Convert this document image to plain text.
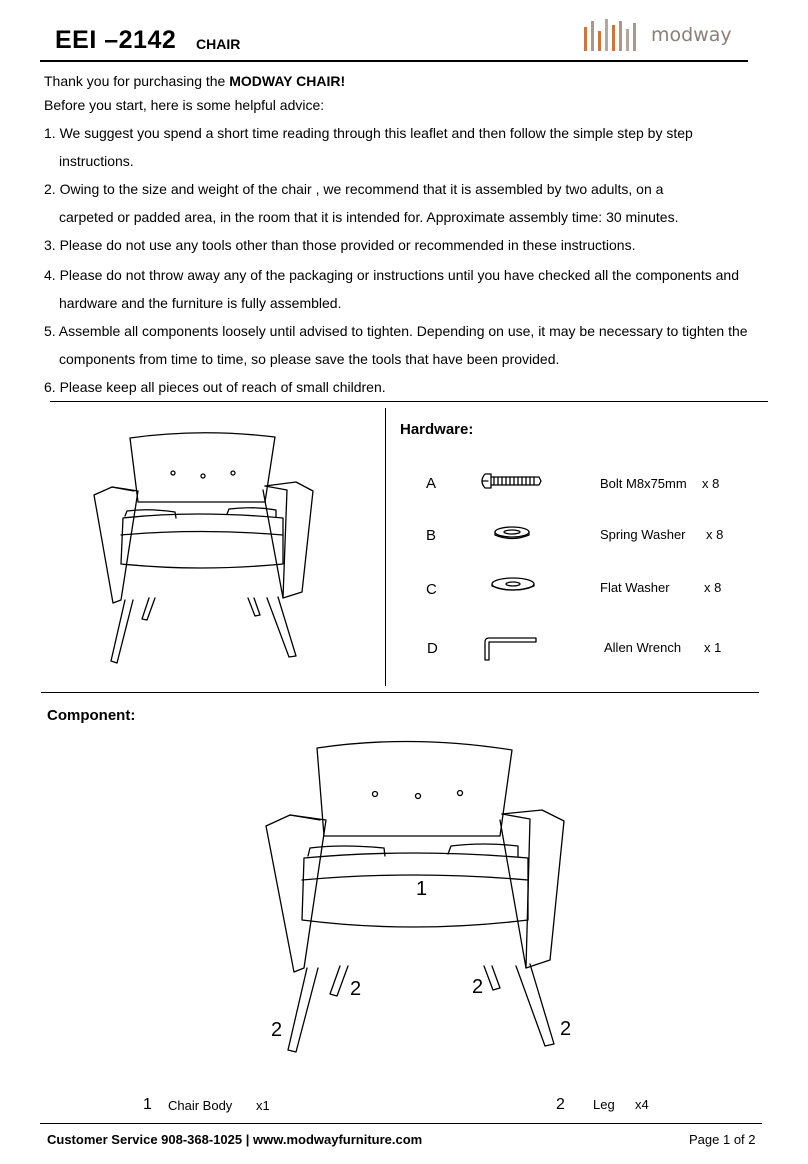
EEI –2142 CHAIR	modway
Thank you for purchasing the MODWAY CHAIR!
Before you start, here is some helpful advice:
1. We suggest you spend a short time reading through this leaflet and then follow the simple step by step
instructions.
2. Owing to the size and weight of the chair , we recommend that it is assembled by two adults, on a
carpeted or padded area, in the room that it is intended for. Approximate assembly time: 30 minutes.
3. Please do not use any tools other than those provided or recommended in these instructions.
4. Please do not throw away any of the packaging or instructions until you have checked all the components and
hardware and the furniture is fully assembled.
5. Assemble all components loosely until advised to tighten. Depending on use, it may be necessary to tighten the
components from time to time, so please save the tools that have been provided.
6. Please keep all pieces out of reach of small children.
Hardware:
A	Bolt M8x75mm x 8
B	Spring Washer x 8
C	Flat Washer	x 8
D	Allen Wrench x 1
Component:
1
2	2
2	2
1 Chair Body x1	2 Leg x4
Customer Service 908-368-1025 | www.modwayfurniture.com	Page 1 of 2
